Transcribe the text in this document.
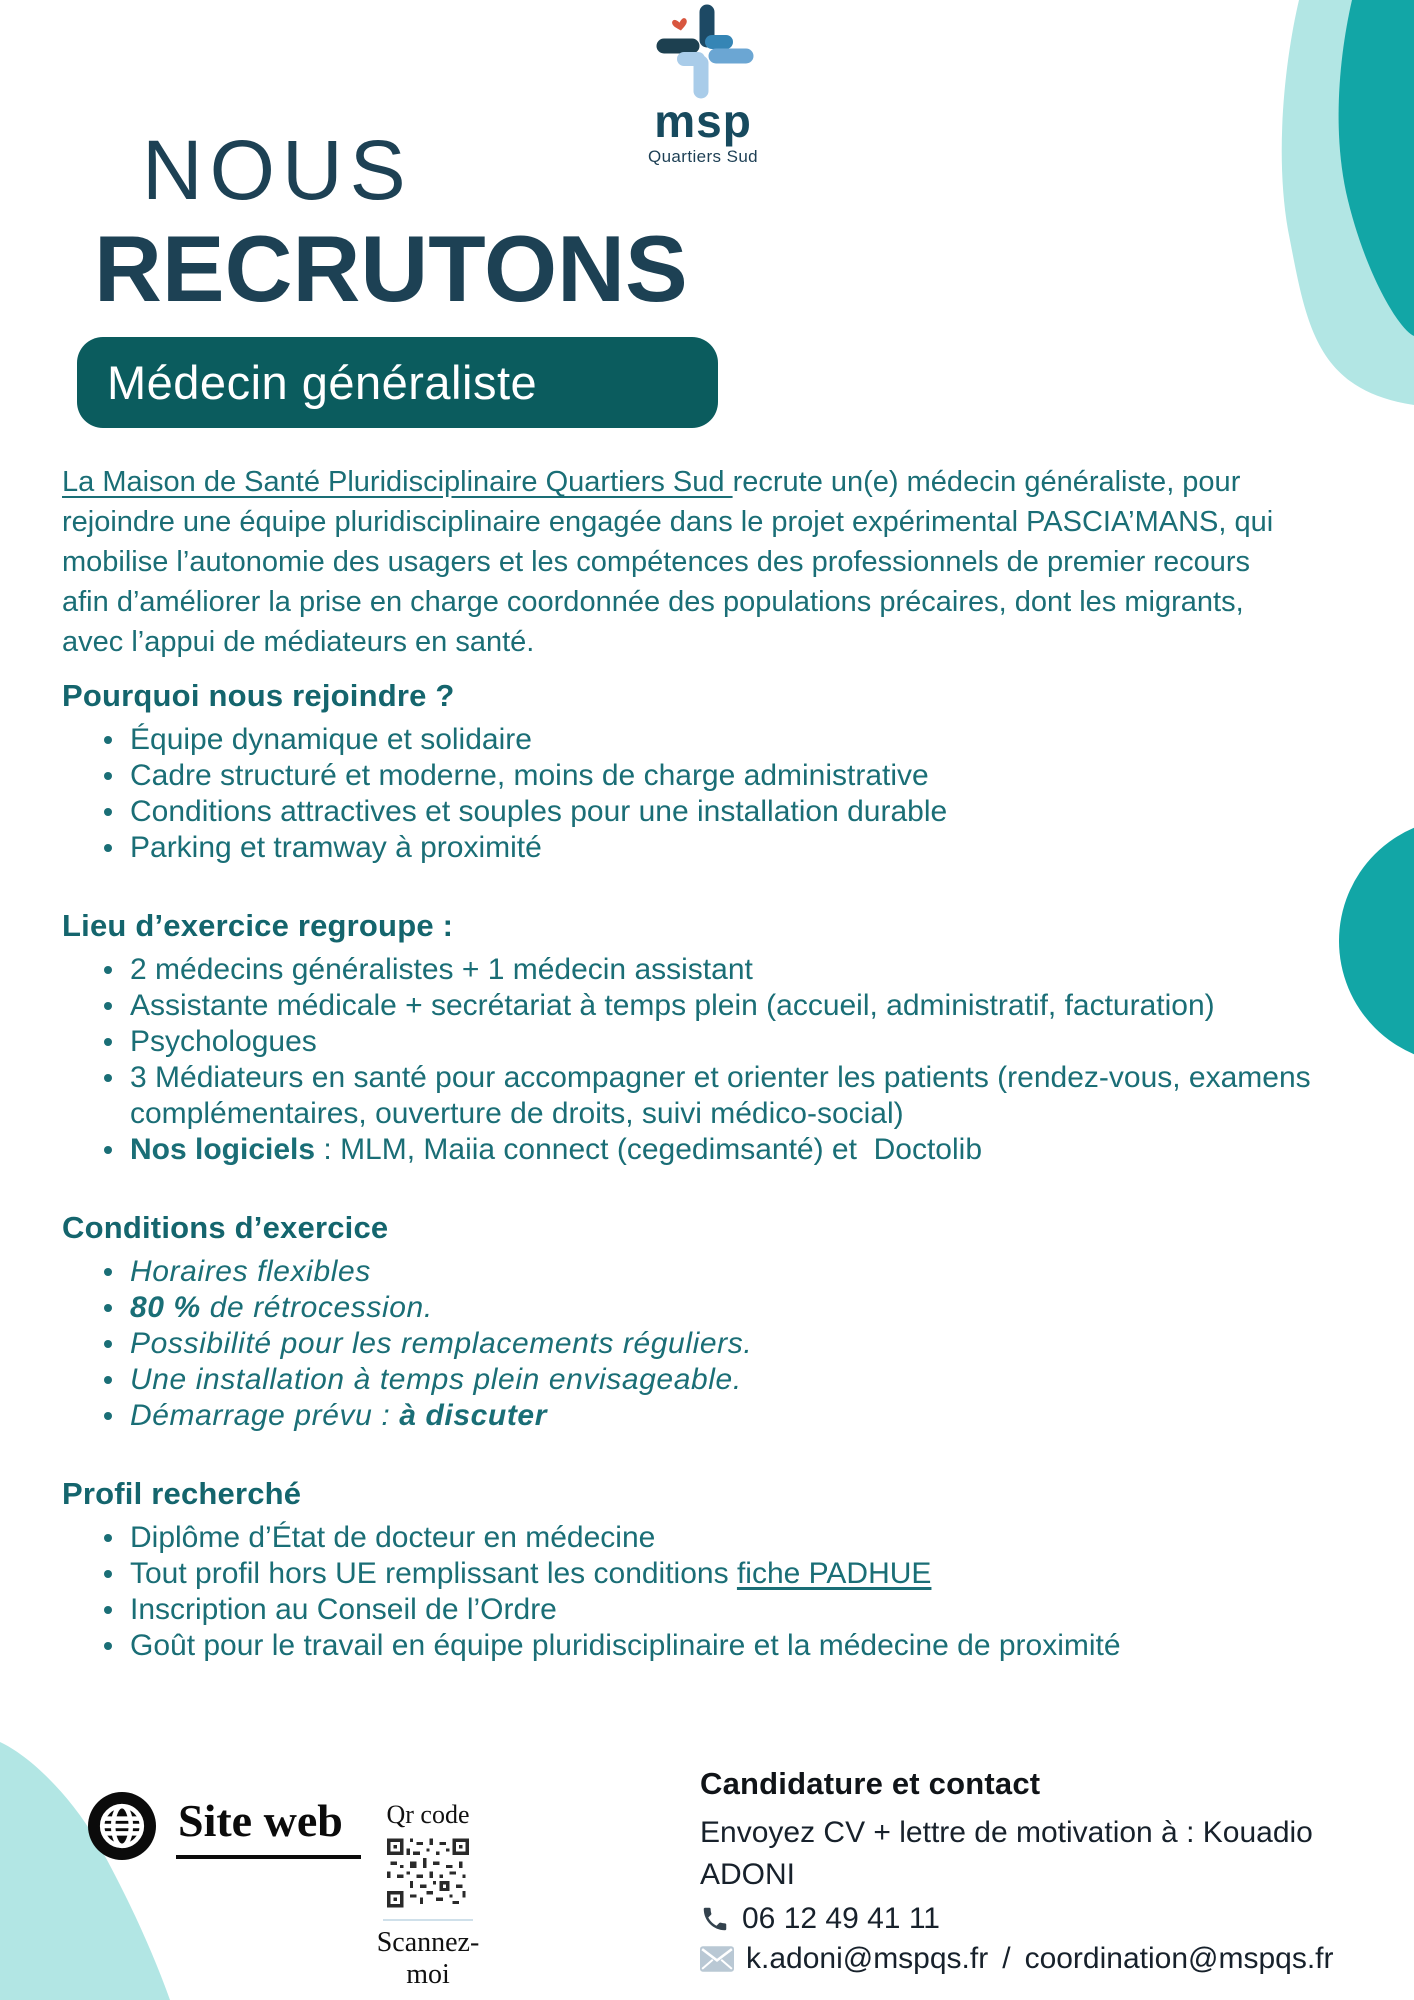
msp
Quartiers Sud
NOUS
RECRUTONS
Médecin généraliste

La Maison de Santé Pluridisciplinaire Quartiers Sud recrute un(e) médecin généraliste, pour rejoindre une équipe pluridisciplinaire engagée dans le projet expérimental PASCIA’MANS, qui mobilise l’autonomie des usagers et les compétences des professionnels de premier recours afin d’améliorer la prise en charge coordonnée des populations précaires, dont les migrants, avec l’appui de médiateurs en santé.

Pourquoi nous rejoindre ?
Équipe dynamique et solidaire
Cadre structuré et moderne, moins de charge administrative
Conditions attractives et souples pour une installation durable
Parking et tramway à proximité
Lieu d’exercice regroupe :
2 médecins généralistes + 1 médecin assistant
Assistante médicale + secrétariat à temps plein (accueil, administratif, facturation)
Psychologues
3 Médiateurs en santé pour accompagner et orienter les patients (rendez-vous, examens complémentaires, ouverture de droits, suivi médico-social)
Nos logiciels : MLM, Maiia connect (cegedimsanté) et  Doctolib
Conditions d’exercice
Horaires flexibles
80 % de rétrocession.
Possibilité pour les remplacements réguliers.
Une installation à temps plein envisageable.
Démarrage prévu : à discuter
Profil recherché
Diplôme d’État de docteur en médecine
Tout profil hors UE remplissant les conditions fiche PADHUE
Inscription au Conseil de l’Ordre
Goût pour le travail en équipe pluridisciplinaire et la médecine de proximité
Site web	Qr code
Scannez-moi
Candidature et contact
Envoyez CV + lettre de motivation à : Kouadio ADONI
06 12 49 41 11
k.adoni@mspqs.fr / coordination@mspqs.fr
